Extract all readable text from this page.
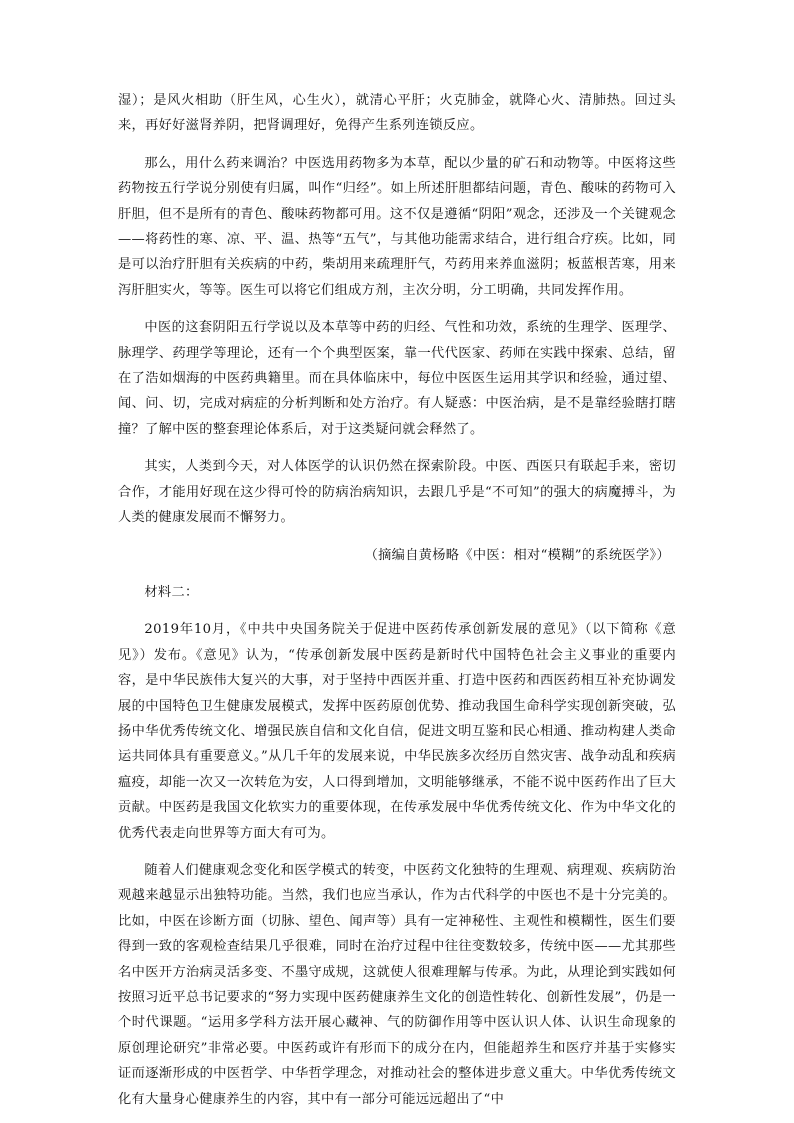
湿）；是风火相助（肝生风，心生火），就清心平肝；火克肺金，就降心火、清肺热。回过头来，再好好滋肾养阴，把肾调理好，免得产生系列连锁反应。

那么，用什么药来调治？中医选用药物多为本草，配以少量的矿石和动物等。中医将这些药物按五行学说分别使有归属，叫作“归经”。如上所述肝胆都结问题，青色、酸味的药物可入肝胆，但不是所有的青色、酸味药物都可用。这不仅是遵循“阴阳”观念，还涉及一个关键观念——将药性的寒、凉、平、温、热等“五气”，与其他功能需求结合，进行组合疗疾。比如，同是可以治疗肝胆有关疾病的中药，柴胡用来疏理肝气，芍药用来养血滋阴；板蓝根苦寒，用来泻肝胆实火，等等。医生可以将它们组成方剂，主次分明，分工明确，共同发挥作用。

中医的这套阴阳五行学说以及本草等中药的归经、气性和功效，系统的生理学、医理学、脉理学、药理学等理论，还有一个个典型医案，靠一代代医家、药师在实践中探索、总结，留在了浩如烟海的中医药典籍里。而在具体临床中，每位中医医生运用其学识和经验，通过望、闻、问、切，完成对病症的分析判断和处方治疗。有人疑惑：中医治病，是不是靠经验瞎打瞎撞？了解中医的整套理论体系后，对于这类疑问就会释然了。

其实，人类到今天，对人体医学的认识仍然在探索阶段。中医、西医只有联起手来，密切合作，才能用好现在这少得可怜的防病治病知识，去跟几乎是“不可知”的强大的病魔搏斗，为人类的健康发展而不懈努力。

（摘编自黄杨略《中医：相对“模糊”的系统医学》）

材料二：

2019年10月，《中共中央国务院关于促进中医药传承创新发展的意见》（以下简称《意见》）发布。《意见》认为，“传承创新发展中医药是新时代中国特色社会主义事业的重要内容，是中华民族伟大复兴的大事，对于坚持中西医并重、打造中医药和西医药相互补充协调发展的中国特色卫生健康发展模式，发挥中医药原创优势、推动我国生命科学实现创新突破，弘扬中华优秀传统文化、增强民族自信和文化自信，促进文明互鉴和民心相通、推动构建人类命运共同体具有重要意义。”从几千年的发展来说，中华民族多次经历自然灾害、战争动乱和疾病瘟疫，却能一次又一次转危为安，人口得到增加，文明能够继承，不能不说中医药作出了巨大贡献。中医药是我国文化软实力的重要体现，在传承发展中华优秀传统文化、作为中华文化的优秀代表走向世界等方面大有可为。

随着人们健康观念变化和医学模式的转变，中医药文化独特的生理观、病理观、疾病防治观越来越显示出独特功能。当然，我们也应当承认，作为古代科学的中医也不是十分完美的。比如，中医在诊断方面（切脉、望色、闻声等）具有一定神秘性、主观性和模糊性，医生们要得到一致的客观检查结果几乎很难，同时在治疗过程中往往变数较多，传统中医——尤其那些名中医开方治病灵活多变、不墨守成规，这就使人很难理解与传承。为此，从理论到实践如何按照习近平总书记要求的“努力实现中医药健康养生文化的创造性转化、创新性发展”，仍是一个时代课题。“运用多学科方法开展心藏神、气的防御作用等中医认识人体、认识生命现象的原创理论研究”非常必要。中医药或许有形而下的成分在内，但能超养生和医疗并基于实修实证而逐渐形成的中医哲学、中华哲学理念，对推动社会的整体进步意义重大。中华优秀传统文化有大量身心健康养生的内容，其中有一部分可能远远超出了“中
